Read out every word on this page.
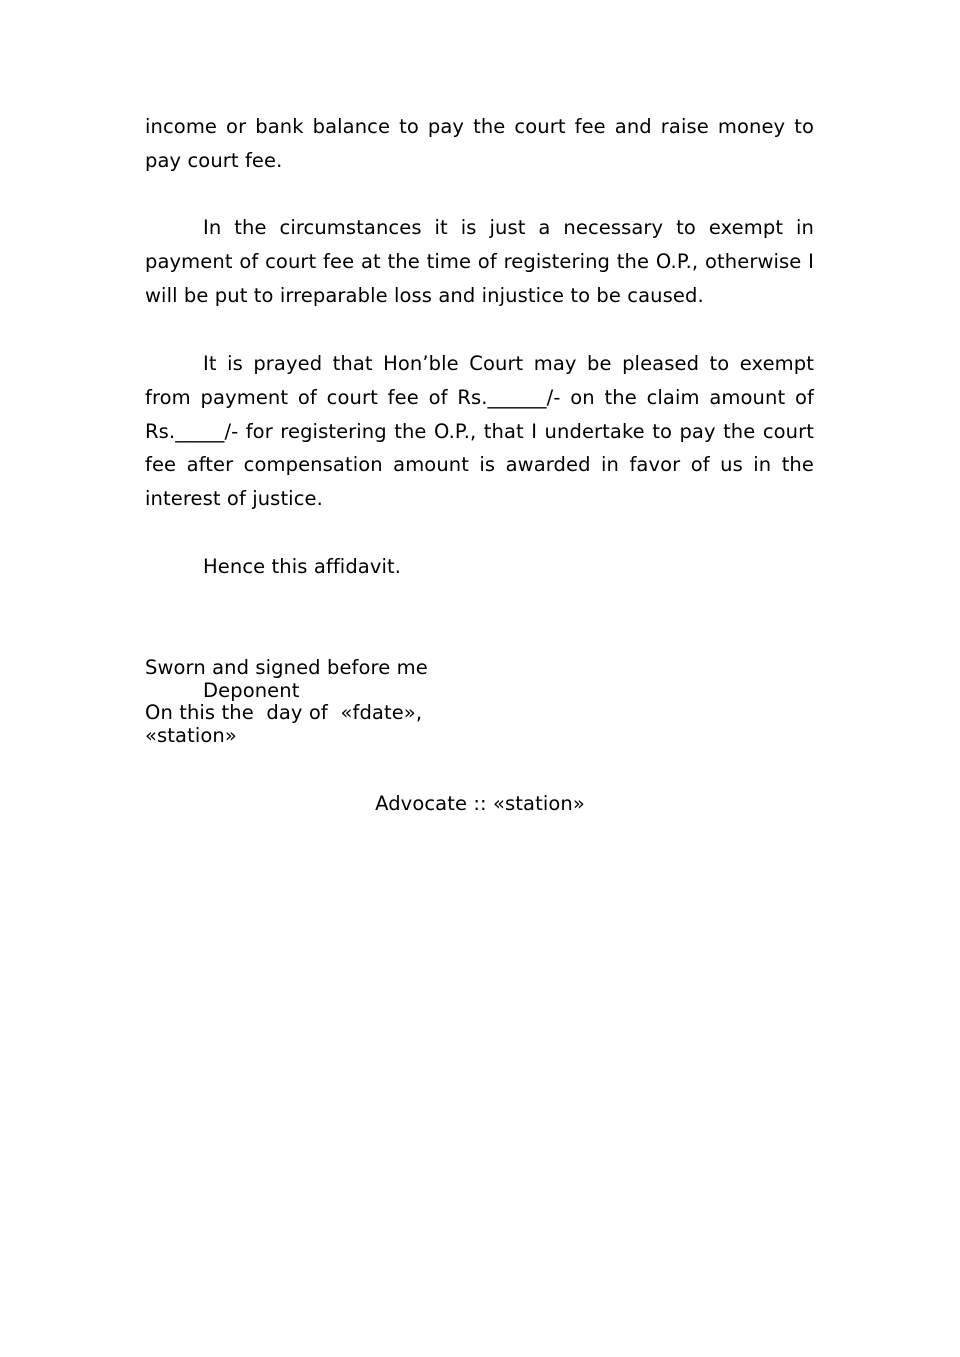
income or bank balance to pay the court fee and raise money to pay court fee.

In the circumstances it is just a necessary to exempt in payment of court fee at the time of registering the O.P., otherwise I will be put to irreparable loss and injustice to be caused.

It is prayed that Hon’ble Court may be pleased to exempt from payment of court fee of Rs.______/- on the claim amount of Rs._____/- for registering the O.P., that I undertake to pay the court fee after compensation amount is awarded in favor of us in the interest of justice.

Hence this affidavit.

Sworn and signed before me

Deponent

On this the  day of  «fdate»,

«station»

Advocate :: «station»
